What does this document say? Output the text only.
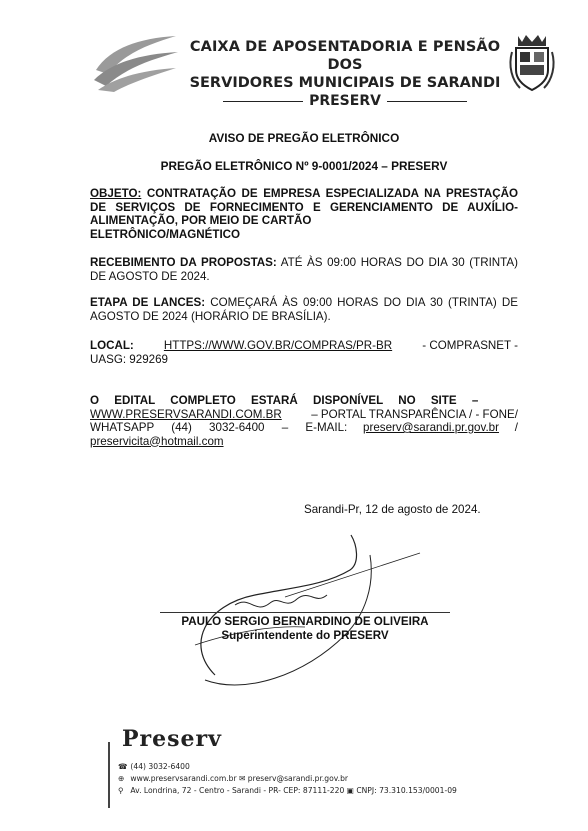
CAIXA DE APOSENTADORIA E PENSÃO DOS
SERVIDORES MUNICIPAIS DE SARANDI
PRESERV
AVISO DE PREGÃO ELETRÔNICO
PREGÃO ELETRÔNICO Nº 9-0001/2024 – PRESERV
OBJETO: CONTRATAÇÃO DE EMPRESA ESPECIALIZADA NA PRESTAÇÃO DE SERVIÇOS DE FORNECIMENTO E GERENCIAMENTO DE AUXÍLIO-ALIMENTAÇÃO, POR MEIO DE CARTÃO
ELETRÔNICO/MAGNÉTICO
RECEBIMENTO DA PROPOSTAS: ATÉ ÀS 09:00 HORAS DO DIA 30 (TRINTA) DE AGOSTO DE 2024.
ETAPA DE LANCES: COMEÇARÁ ÀS 09:00 HORAS DO DIA 30 (TRINTA) DE AGOSTO DE 2024 (HORÁRIO DE BRASÍLIA).
LOCAL:	HTTPS://WWW.GOV.BR/COMPRAS/PR-BR	- COMPRASNET -
UASG: 929269
O EDITAL COMPLETO ESTARÁ DISPONÍVEL NO SITE –
WWW.PRESERVSARANDI.COM.BR	– PORTAL TRANSPARÊNCIA / - FONE/
WHATSAPP (44) 3032-6400 – E-MAIL: preserv@sarandi.pr.gov.br /
preservicita@hotmail.com
Sarandi-Pr, 12 de agosto de 2024.
PAULO SERGIO BERNARDINO DE OLIVEIRA
Superintendente do PRESERV
Preserv
☎ (44) 3032-6400
⊕ www.preservsarandi.com.br ✉ preserv@sarandi.pr.gov.br
⚲ Av. Londrina, 72 - Centro - Sarandi - PR- CEP: 87111-220 ▣ CNPJ: 73.310.153/0001-09
